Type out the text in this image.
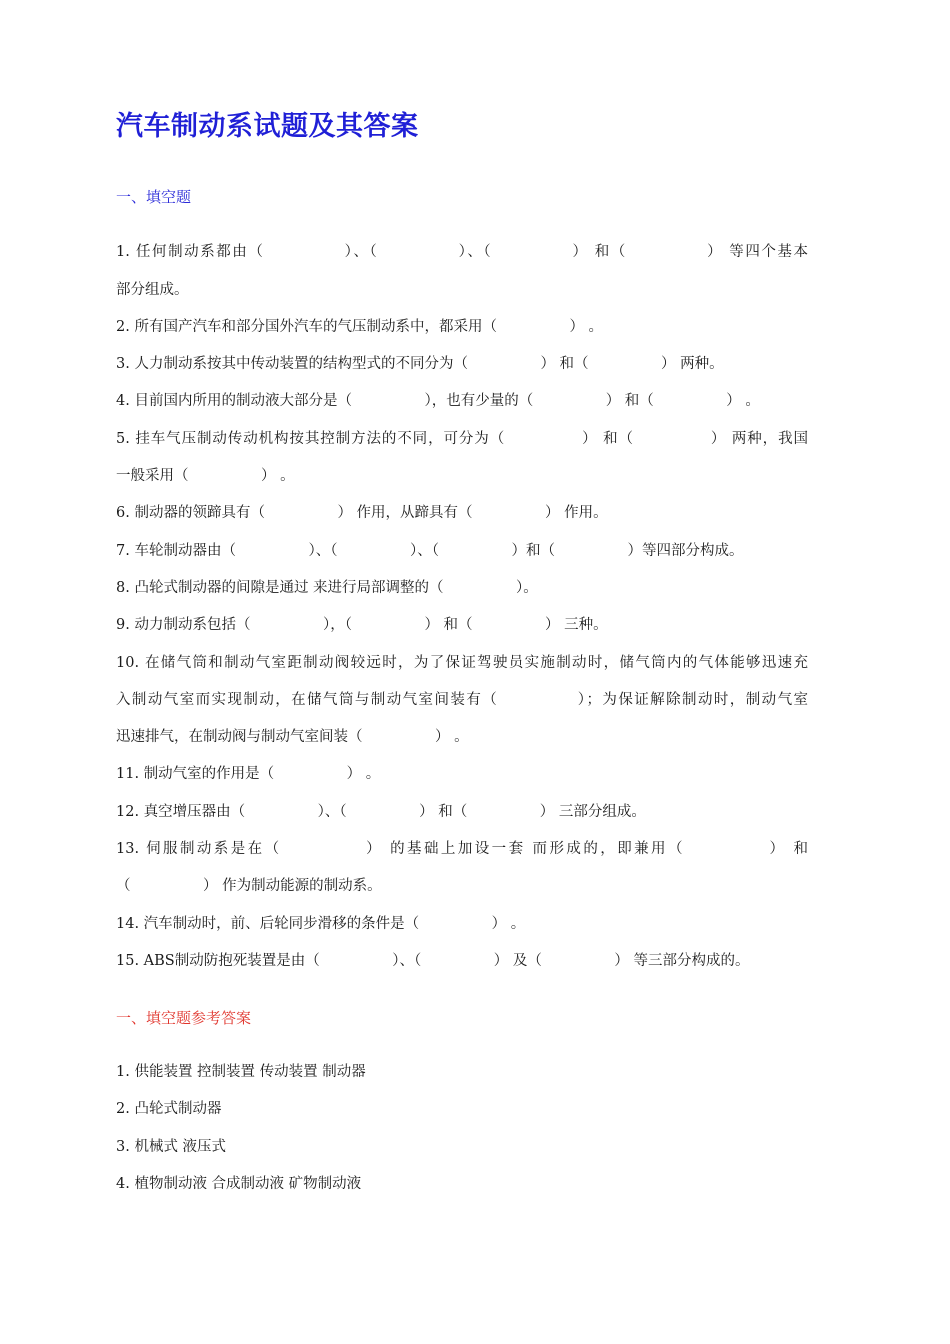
汽车制动系试题及其答案
一、填空题
1. 任何制动系都由（　　　　　）、（　　　　　）、（　　　　　） 和（　　　　　） 等四个基本
部分组成。
2. 所有国产汽车和部分国外汽车的气压制动系中，都采用（　　　　　） 。
3. 人力制动系按其中传动装置的结构型式的不同分为（　　　　　） 和（　　　　　） 两种。
4. 目前国内所用的制动液大部分是（　　　　　），也有少量的（　　　　　） 和（　　　　　） 。
5. 挂车气压制动传动机构按其控制方法的不同，可分为（　　　　　） 和（　　　　　） 两种，我国
一般采用（　　　　　） 。
6. 制动器的领蹄具有（　　　　　） 作用，从蹄具有（　　　　　） 作用。
7. 车轮制动器由（　　　　　）、（　　　　　）、（　　　　　）和（　　　　　）等四部分构成。
8. 凸轮式制动器的间隙是通过 来进行局部调整的（　　　　　）。
9. 动力制动系包括（　　　　　），（　　　　　） 和（　　　　　） 三种。
10. 在储气筒和制动气室距制动阀较远时，为了保证驾驶员实施制动时，储气筒内的气体能够迅速充
入制动气室而实现制动，在储气筒与制动气室间装有（　　　　　）；为保证解除制动时，制动气室
迅速排气，在制动阀与制动气室间装（　　　　　） 。
11. 制动气室的作用是（　　　　　） 。
12. 真空增压器由（　　　　　）、（　　　　　） 和（　　　　　） 三部分组成。
13. 伺服制动系是在（　　　　　） 的基础上加设一套 而形成的，即兼用（　　　　　） 和
（　　　　　） 作为制动能源的制动系。
14. 汽车制动时，前、后轮同步滑移的条件是（　　　　　） 。
15. ABS制动防抱死装置是由（　　　　　）、（　　　　　） 及（　　　　　） 等三部分构成的。
一、填空题参考答案
1. 供能装置 控制装置 传动装置 制动器
2. 凸轮式制动器
3. 机械式 液压式
4. 植物制动液 合成制动液 矿物制动液
